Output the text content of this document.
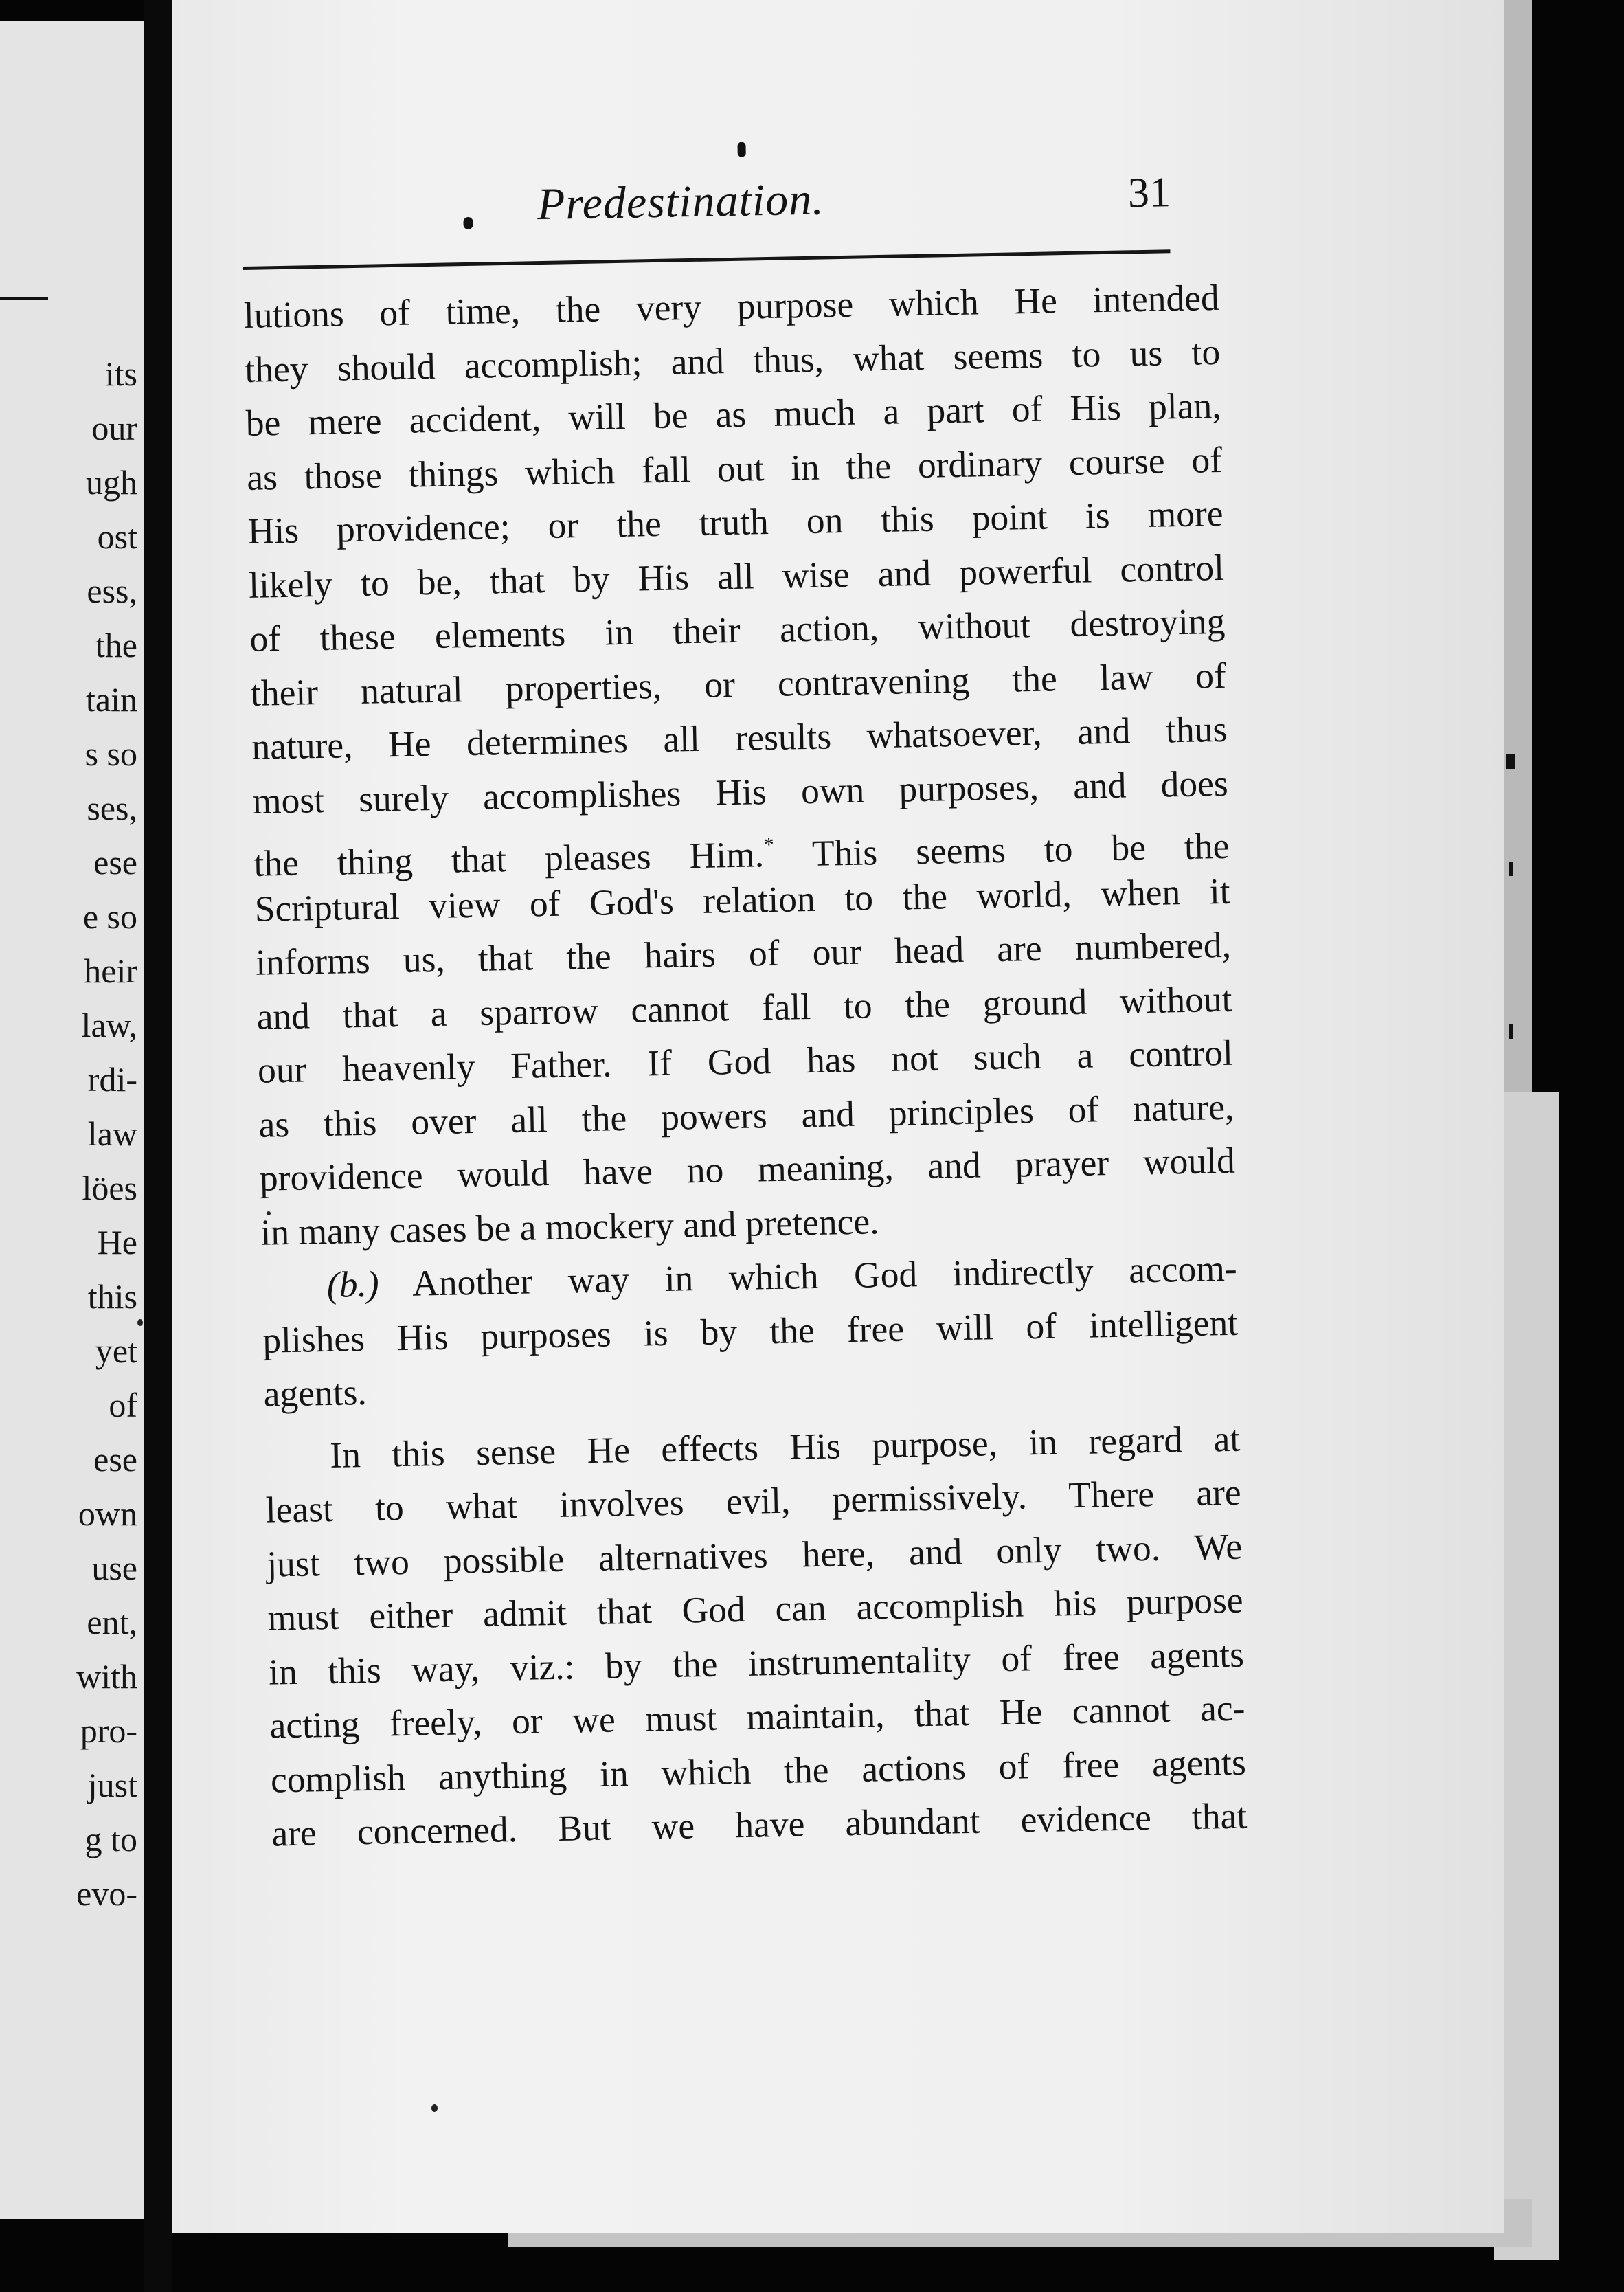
its
our
ugh
ost
ess,
the
tain
s so
ses,
ese
e so
heir
law,
rdi-
law
löes
He
this
yet
of
ese
own
use
ent,
with
pro-
just
g to
evo-
Predestination.	31
lutions of time, the very purpose which He intended
they should accomplish; and thus, what seems to us to
be mere accident, will be as much a part of His plan,
as those things which fall out in the ordinary course of
His providence; or the truth on this point is more
likely to be, that by His all wise and powerful control
of these elements in their action, without destroying
their natural properties, or contravening the law of
nature, He determines all results whatsoever, and thus
most surely accomplishes His own purposes, and does
the thing that pleases Him.* This seems to be the
Scriptural view of God's relation to the world, when it
informs us, that the hairs of our head are numbered,
and that a sparrow cannot fall to the ground without
our heavenly Father. If God has not such a control
as this over all the powers and principles of nature,
providence would have no meaning, and prayer would
in many cases be a mockery and pretence.
(b.) Another way in which God indirectly accom-
plishes His purposes is by the free will of intelligent
agents.
In this sense He effects His purpose, in regard at
least to what involves evil, permissively. There are
just two possible alternatives here, and only two. We
must either admit that God can accomplish his purpose
in this way, viz.: by the instrumentality of free agents
acting freely, or we must maintain, that He cannot ac-
complish anything in which the actions of free agents
are concerned. But we have abundant evidence that
